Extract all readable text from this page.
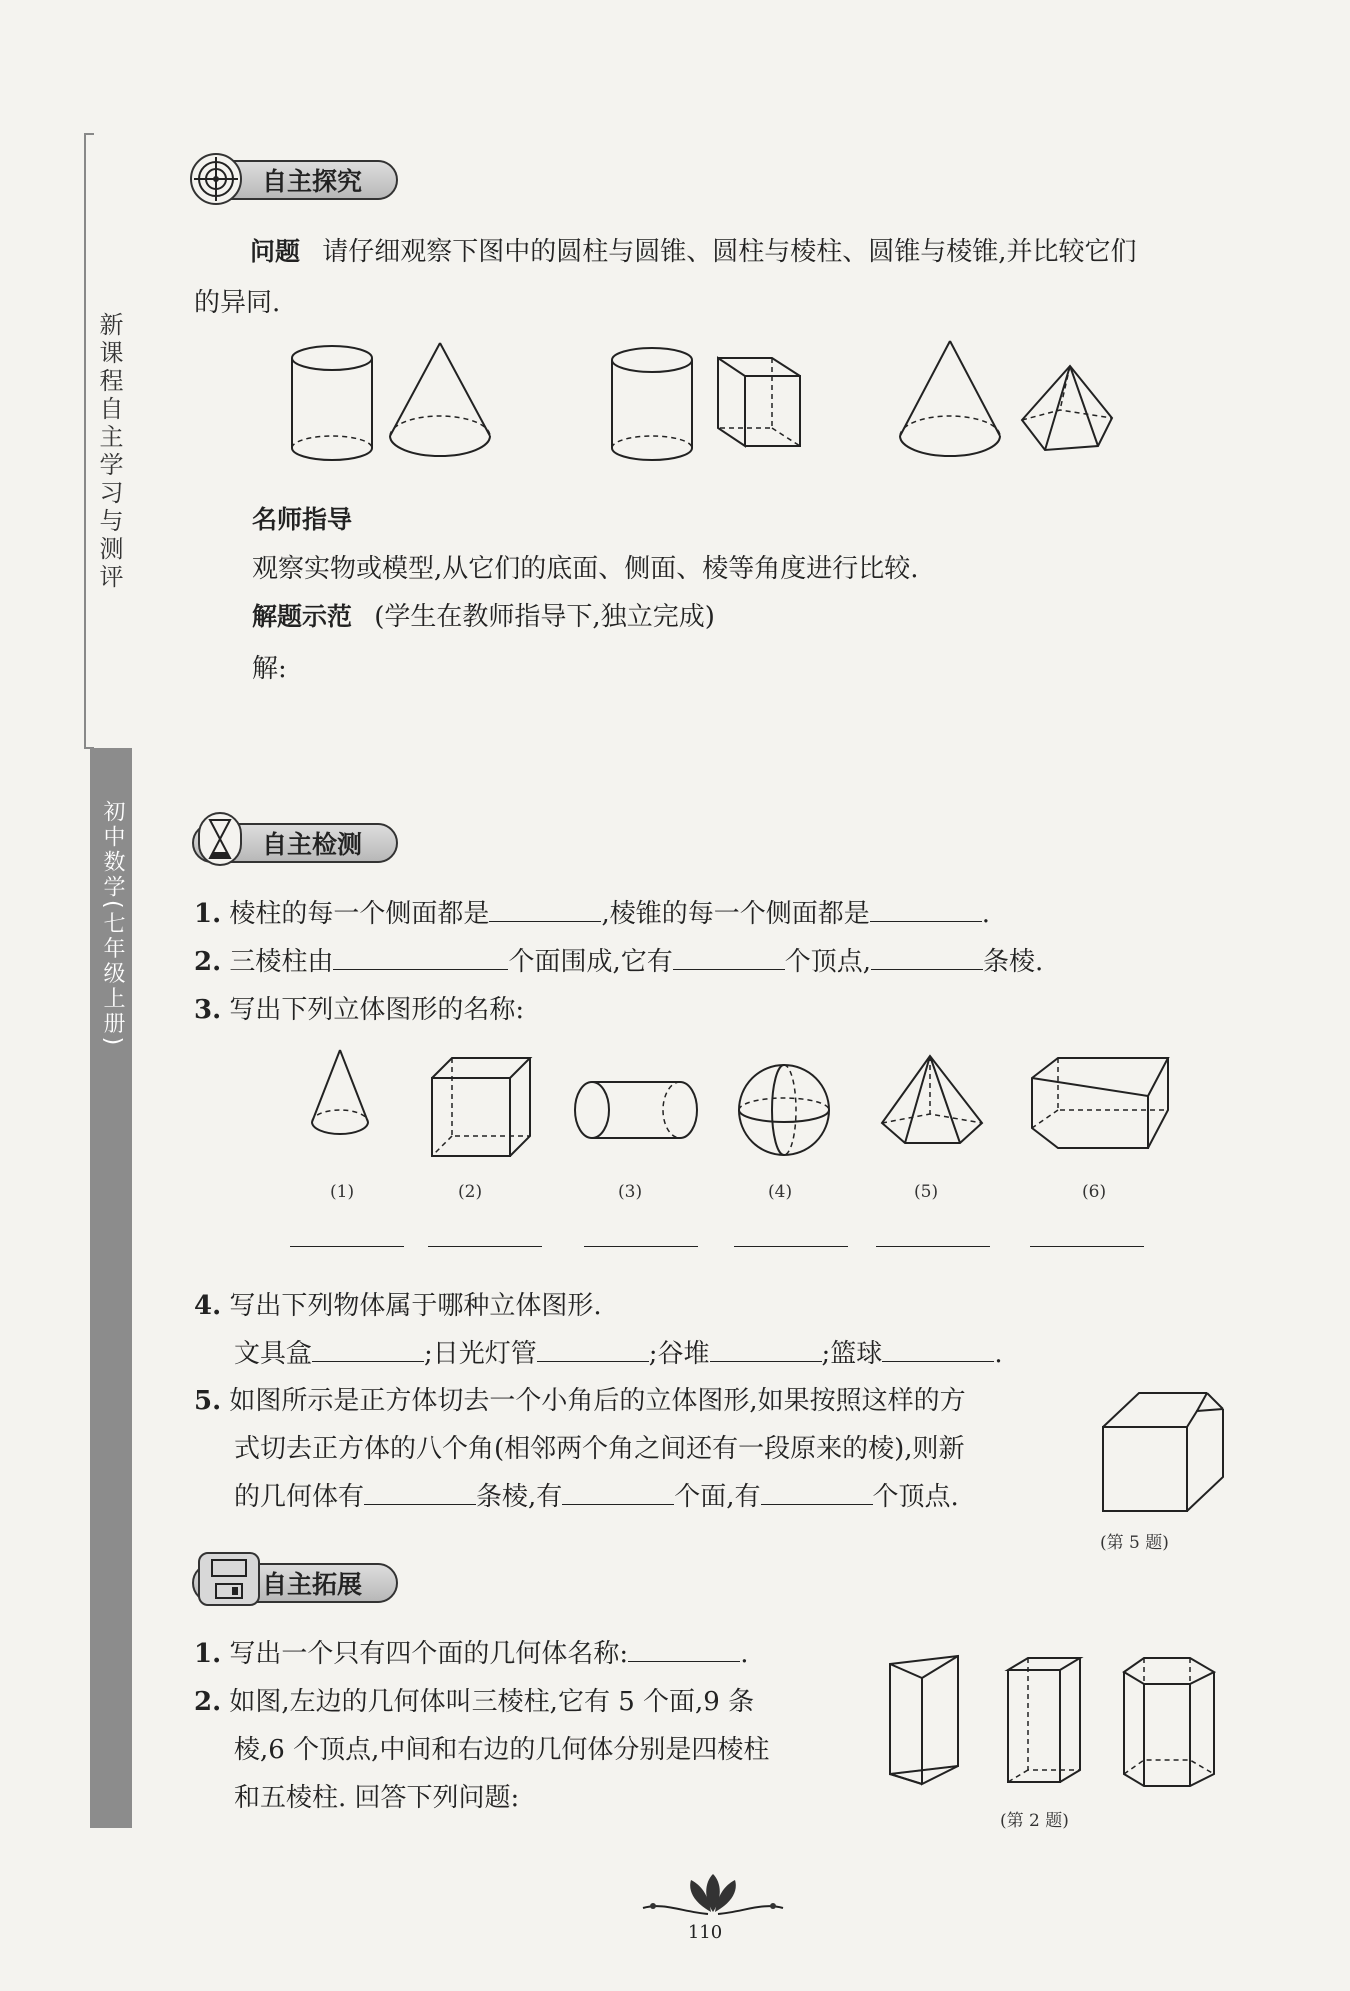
新课程自主学习与测评
初中数学(七年级上册)
自主探究
问题 请仔细观察下图中的圆柱与圆锥、圆柱与棱柱、圆锥与棱锥,并比较它们
的异同.
名师指导
观察实物或模型,从它们的底面、侧面、棱等角度进行比较.
解题示范 (学生在教师指导下,独立完成)
解:
自主检测
1. 棱柱的每一个侧面都是	,棱锥的每一个侧面都是	.
2. 三棱柱由	个面围成,它有	个顶点,	条棱.
3. 写出下列立体图形的名称:
(1)	(2)	(3)	(4)	(5)	(6)
4. 写出下列物体属于哪种立体图形.
文具盒	;日光灯管	;谷堆	;篮球	.
5. 如图所示是正方体切去一个小角后的立体图形,如果按照这样的方
式切去正方体的八个角(相邻两个角之间还有一段原来的棱),则新
的几何体有	条棱,有	个面,有	个顶点.
(第 5 题)
自主拓展
1. 写出一个只有四个面的几何体名称:	.
2. 如图,左边的几何体叫三棱柱,它有 5 个面,9 条
棱,6 个顶点,中间和右边的几何体分别是四棱柱
和五棱柱. 回答下列问题:
(第 2 题)
110
